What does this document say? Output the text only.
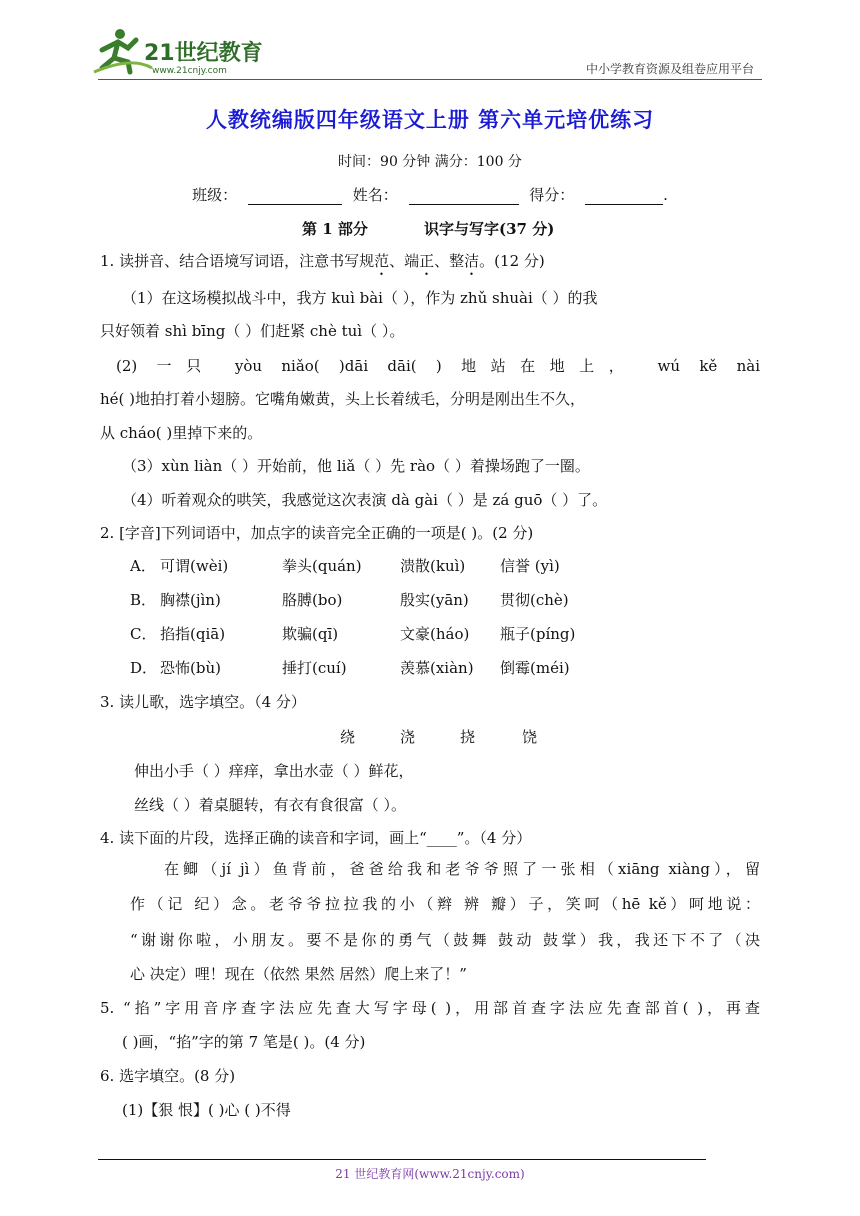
21世纪教育
www.21cnjy.com	中小学教育资源及组卷应用平台
人教统编版四年级语文上册 第六单元培优练习
时间：90 分钟 满分：100 分
班级：	姓名：	得分：	.
第 1 部分	识字与写字(37 分)
1. 读拼音、结合语境写词语，注意书写规范、端正、整洁。(12 分)
（1）在这场模拟战斗中，我方 kuì bài（ ），作为 zhǔ shuài（ ）的我
只好领着 shì bīng（ ）们赶紧 chè tuì（ ）。
(2) 一只 yòu niǎo( )dāi dāi( ) 地站在地上， wú kě nài
hé( )地拍打着小翅膀。它嘴角嫩黄，头上长着绒毛，分明是刚出生不久，
从 cháo( )里掉下来的。
（3）xùn liàn（ ）开始前，他 liǎ（ ）先 rào（ ）着操场跑了一圈。
（4）听着观众的哄笑，我感觉这次表演 dà gài（ ）是 zá guō（ ）了。
2. [字音]下列词语中，加点字的读音完全正确的一项是( )。(2 分)
A． 可谓(wèi)	拳头(quán)	溃散(kuì) 信誉 (yì)
B． 胸襟(jìn)	胳膊(bo)	殷实(yān) 贯彻(chè)
C． 掐指(qiā)	欺骗(qī)	文豪(háo) 瓶子(píng)
D． 恐怖(bù)	捶打(cuí)	羡慕(xiàn) 倒霉(méi)
3. 读儿歌，选字填空。（4 分）
绕	浇	挠	饶
伸出小手（ ）痒痒，拿出水壶（ ）鲜花，
丝线（ ）着桌腿转，有衣有食很富（ ）。
4. 读下面的片段，选择正确的读音和字词，画上“____”。（4 分）
在鲫（jí jì）鱼背前，爸爸给我和老爷爷照了一张相（xiāng xiàng），留
作（记 纪）念。老爷爷拉拉我的小（辫 辨 瓣）子，笑呵（hē kě）呵地说：
“谢谢你啦，小朋友。要不是你的勇气（鼓舞 鼓动 鼓掌）我，我还下不了（决
心 决定）哩！现在（依然 果然 居然）爬上来了！”
5. “掐”字用音序查字法应先查大写字母( )，用部首查字法应先查部首( )，再查
( )画，“掐”字的第 7 笔是( )。(4 分)
6. 选字填空。(8 分)
(1)【狠 恨】( )心 ( )不得
21 世纪教育网(www.21cnjy.com)
